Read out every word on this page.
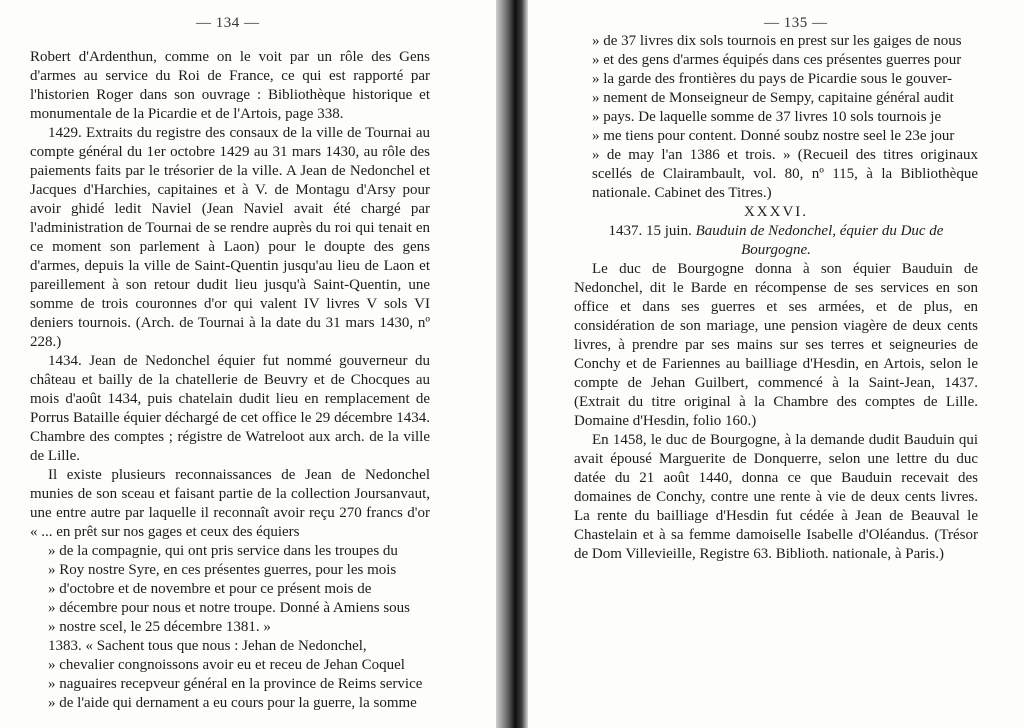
— 134 —

Robert d'Ardenthun, comme on le voit par un rôle des Gens d'armes au service du Roi de France, ce qui est rapporté par l'historien Roger dans son ouvrage : Bibliothèque historique et monumentale de la Picardie et de l'Artois, page 338.

1429. Extraits du registre des consaux de la ville de Tournai au compte général du 1er octobre 1429 au 31 mars 1430, au rôle des paiements faits par le trésorier de la ville. A Jean de Nedonchel et Jacques d'Harchies, capitaines et à V. de Montagu d'Arsy pour avoir ghidé ledit Naviel (Jean Naviel avait été chargé par l'administration de Tournai de se rendre auprès du roi qui tenait en ce moment son parlement à Laon) pour le doupte des gens d'armes, depuis la ville de Saint-Quentin jusqu'au lieu de Laon et pareillement à son retour dudit lieu jusqu'à Saint-Quentin, une somme de trois couronnes d'or qui valent IV livres V sols VI deniers tournois. (Arch. de Tournai à la date du 31 mars 1430, nº 228.)

1434. Jean de Nedonchel équier fut nommé gouverneur du château et bailly de la chatellerie de Beuvry et de Chocques au mois d'août 1434, puis chatelain dudit lieu en remplacement de Porrus Bataille équier déchargé de cet office le 29 décembre 1434. Chambre des comptes ; régistre de Watreloot aux arch. de la ville de Lille.

Il existe plusieurs reconnaissances de Jean de Nedonchel munies de son sceau et faisant partie de la collection Joursanvaut, une entre autre par laquelle il reconnaît avoir reçu 270 francs d'or « ... en prêt sur nos gages et ceux des équiers

» de la compagnie, qui ont pris service dans les troupes du

» Roy nostre Syre, en ces présentes guerres, pour les mois

» d'octobre et de novembre et pour ce présent mois de

» décembre pour nous et notre troupe. Donné à Amiens sous

» nostre scel, le 25 décembre 1381. »

1383. « Sachent tous que nous : Jehan de Nedonchel,

» chevalier congnoissons avoir eu et receu de Jehan Coquel

» naguaires recepveur général en la province de Reims service

» de l'aide qui dernament a eu cours pour la guerre, la somme

— 135 —

» de 37 livres dix sols tournois en prest sur les gaiges de nous

» et des gens d'armes équipés dans ces présentes guerres pour

» la garde des frontières du pays de Picardie sous le gouver-

» nement de Monseigneur de Sempy, capitaine général audit

» pays. De laquelle somme de 37 livres 10 sols tournois je

» me tiens pour content. Donné soubz nostre seel le 23e jour

» de may l'an 1386 et trois. » (Recueil des titres originaux scellés de Clairambault, vol. 80, nº 115, à la Bibliothèque nationale. Cabinet des Titres.)

XXXVI.

1437. 15 juin. Bauduin de Nedonchel, équier du Duc de Bourgogne.

Le duc de Bourgogne donna à son équier Bauduin de Nedonchel, dit le Barde en récompense de ses services en son office et dans ses guerres et ses armées, et de plus, en considération de son mariage, une pension viagère de deux cents livres, à prendre par ses mains sur ses terres et seigneuries de Conchy et de Fariennes au bailliage d'Hesdin, en Artois, selon le compte de Jehan Guilbert, commencé à la Saint-Jean, 1437. (Extrait du titre original à la Chambre des comptes de Lille. Domaine d'Hesdin, folio 160.)

En 1458, le duc de Bourgogne, à la demande dudit Bauduin qui avait épousé Marguerite de Donquerre, selon une lettre du duc datée du 21 août 1440, donna ce que Bauduin recevait des domaines de Conchy, contre une rente à vie de deux cents livres. La rente du bailliage d'Hesdin fut cédée à Jean de Beauval le Chastelain et à sa femme damoiselle Isabelle d'Oléandus. (Trésor de Dom Villevieille, Registre 63. Biblioth. nationale, à Paris.)
